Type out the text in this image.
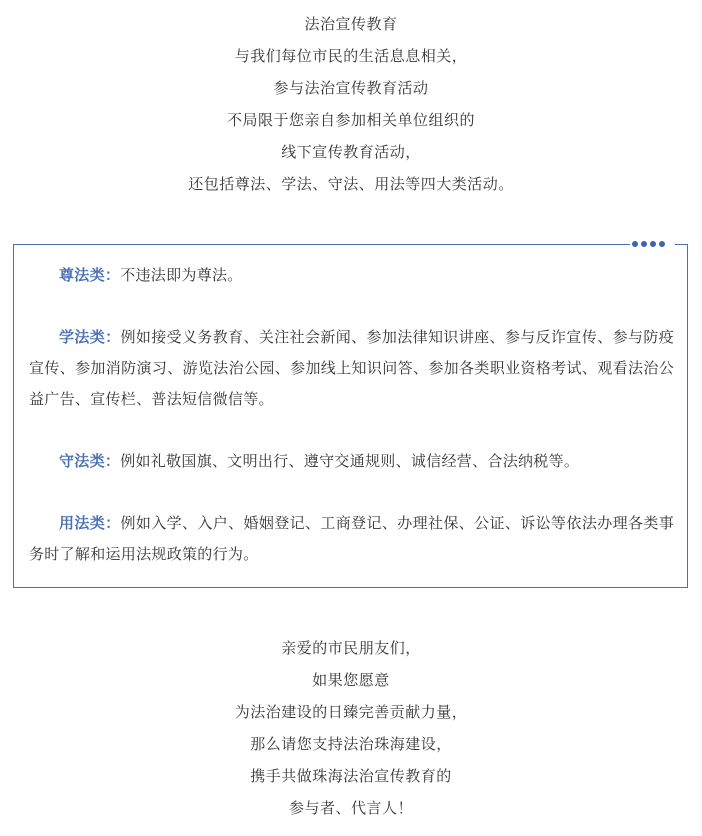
法治宣传教育

与我们每位市民的生活息息相关，

参与法治宣传教育活动

不局限于您亲自参加相关单位组织的

线下宣传教育活动，

还包括尊法、学法、守法、用法等四大类活动。

尊法类：不违法即为尊法。

学法类：例如接受义务教育、关注社会新闻、参加法律知识讲座、参与反诈宣传、参与防疫宣传、参加消防演习、游览法治公园、参加线上知识问答、参加各类职业资格考试、观看法治公益广告、宣传栏、普法短信微信等。

守法类：例如礼敬国旗、文明出行、遵守交通规则、诚信经营、合法纳税等。

用法类：例如入学、入户、婚姻登记、工商登记、办理社保、公证、诉讼等依法办理各类事务时了解和运用法规政策的行为。

亲爱的市民朋友们，

如果您愿意

为法治建设的日臻完善贡献力量，

那么请您支持法治珠海建设，

携手共做珠海法治宣传教育的

参与者、代言人！
